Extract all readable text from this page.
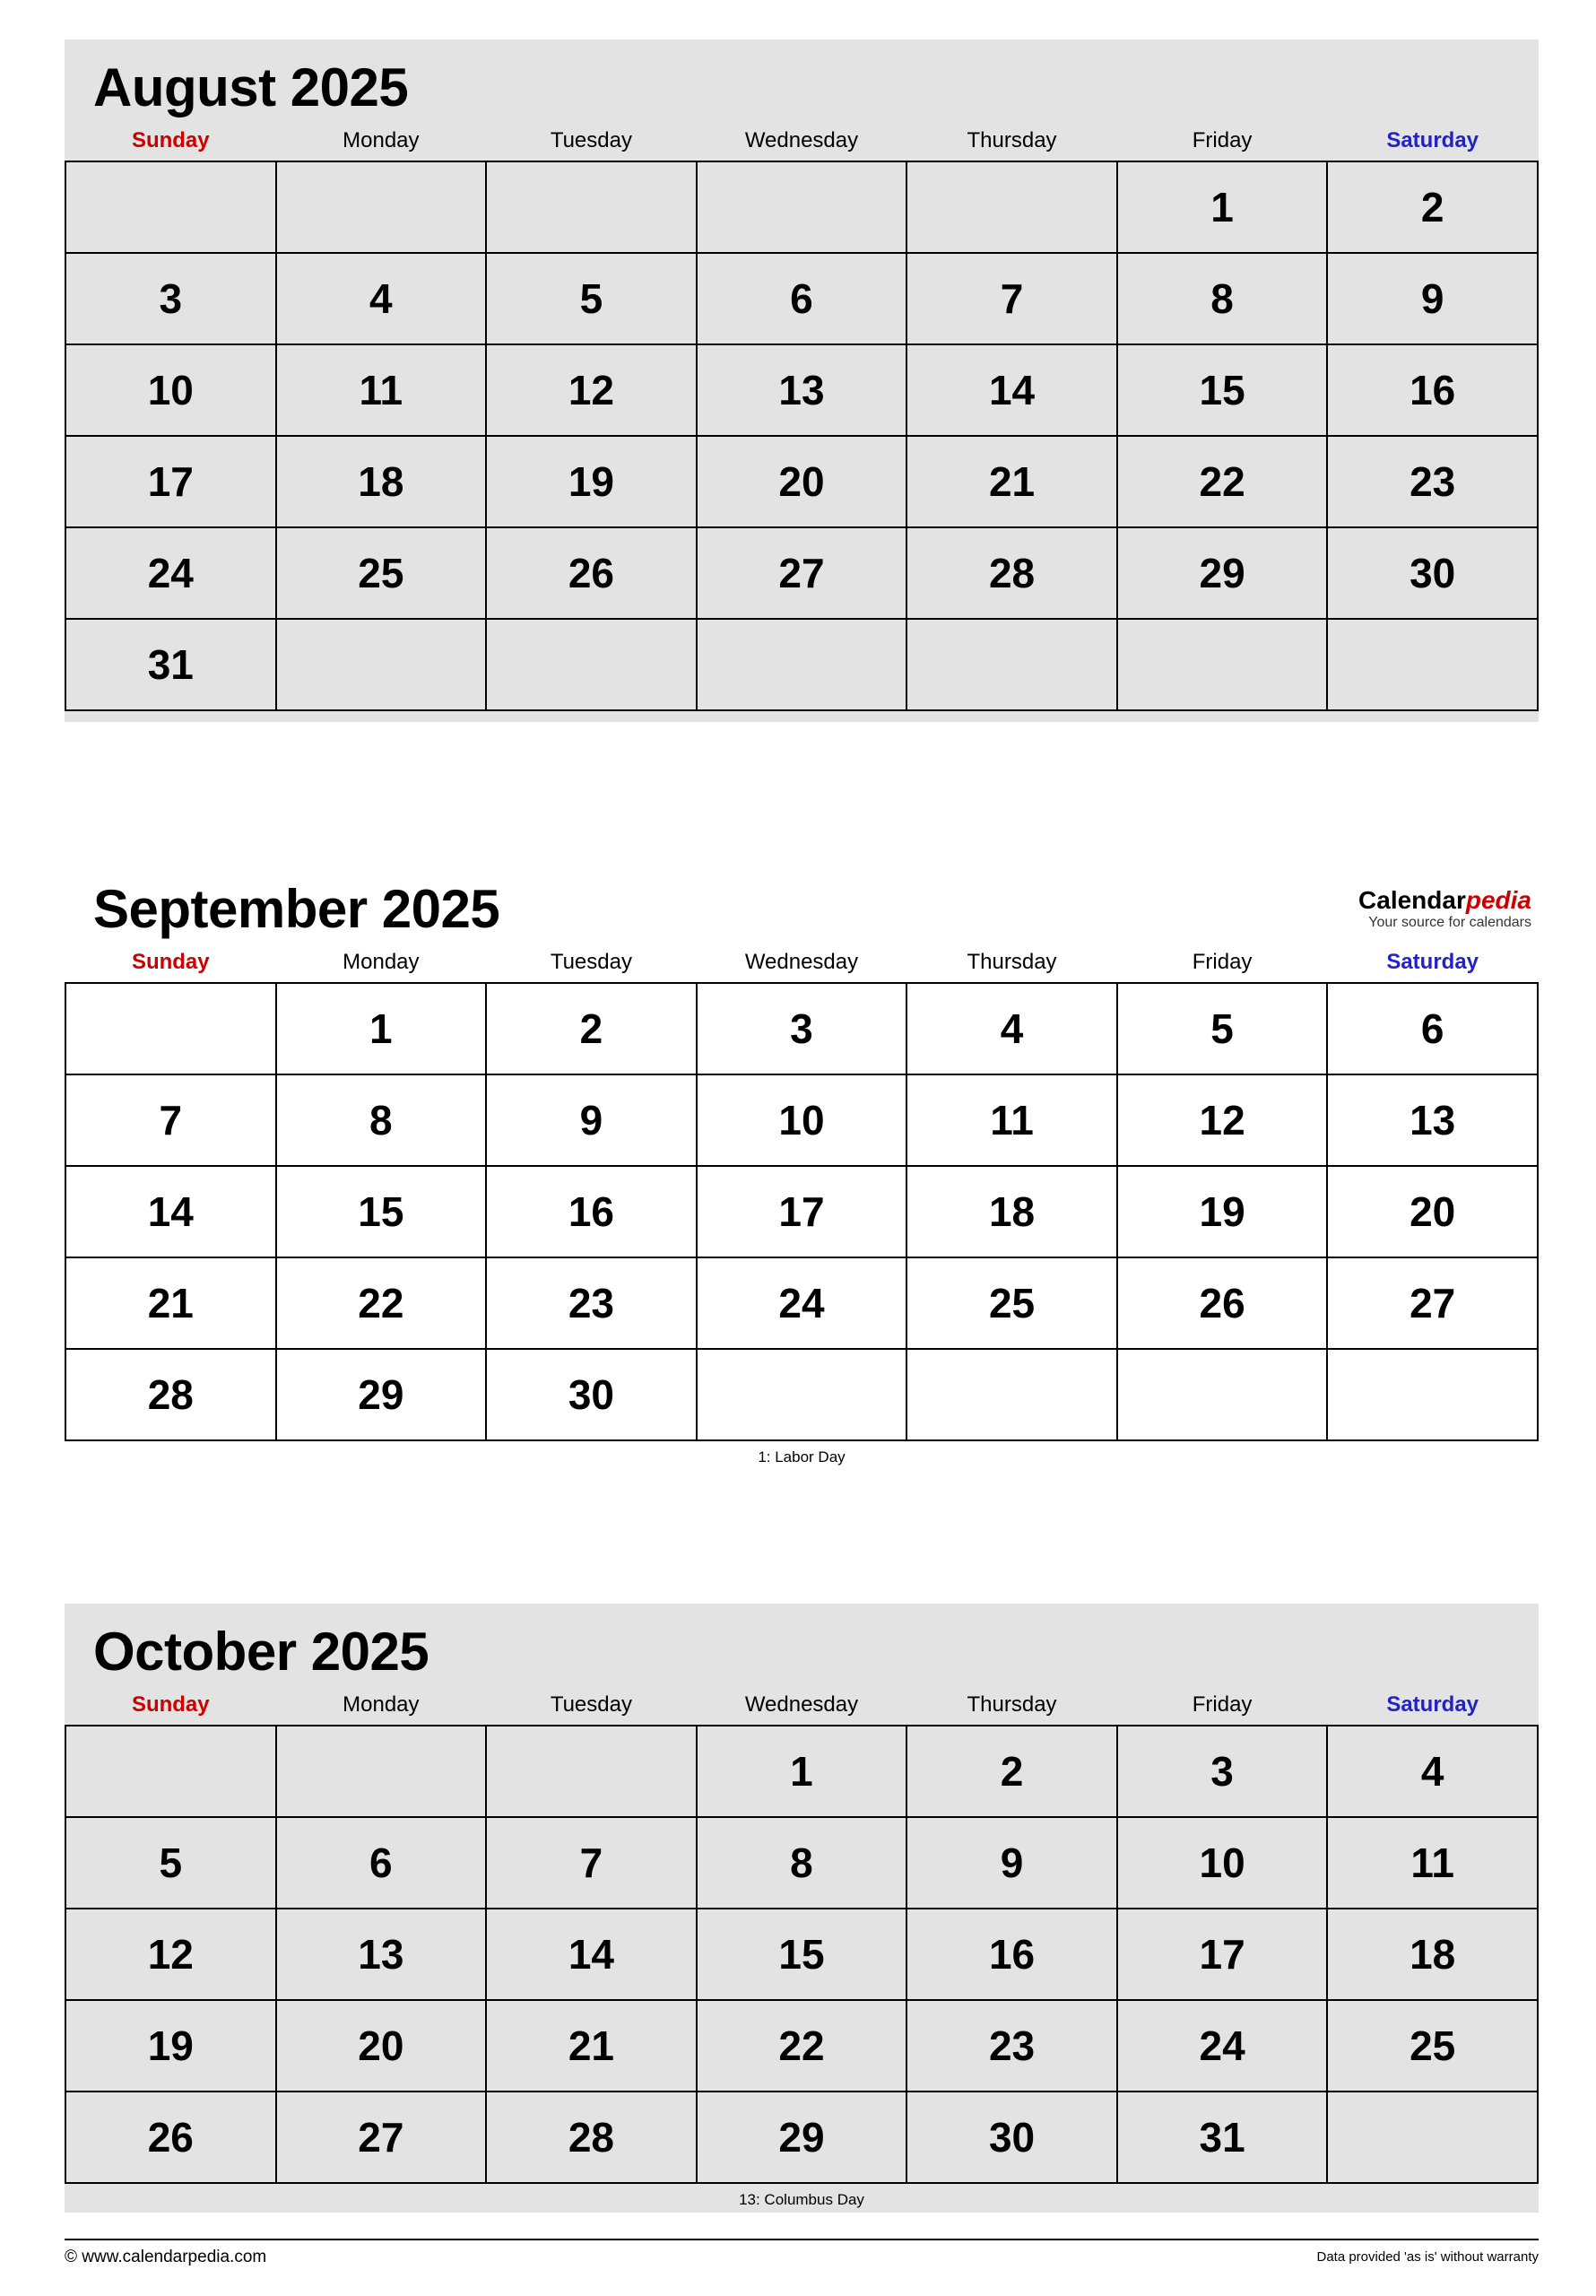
August 2025
Sunday	Monday	Tuesday	Wednesday	Thursday	Friday	Saturday
					1	2
3	4	5	6	7	8	9
10	11	12	13	14	15	16
17	18	19	20	21	22	23
24	25	26	27	28	29	30
31						
September 2025	Calendarpedia
Your source for calendars
Sunday	Monday	Tuesday	Wednesday	Thursday	Friday	Saturday
	1	2	3	4	5	6
7	8	9	10	11	12	13
14	15	16	17	18	19	20
21	22	23	24	25	26	27
28	29	30				
1: Labor Day
October 2025
Sunday	Monday	Tuesday	Wednesday	Thursday	Friday	Saturday
			1	2	3	4
5	6	7	8	9	10	11
12	13	14	15	16	17	18
19	20	21	22	23	24	25
26	27	28	29	30	31	
13: Columbus Day
© www.calendarpedia.com	Data provided 'as is' without warranty
